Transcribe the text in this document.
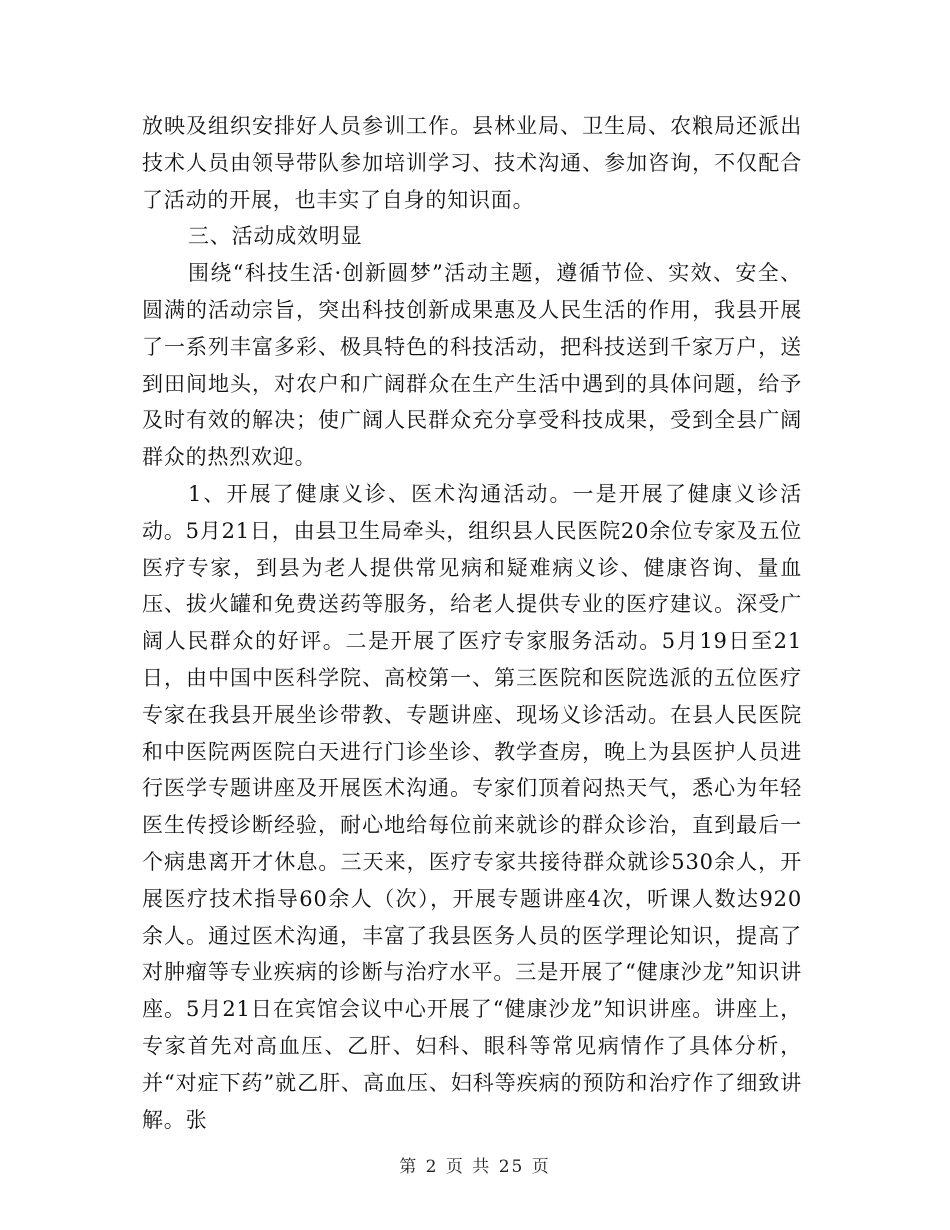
放映及组织安排好人员参训工作。县林业局、卫生局、农粮局还派出技术人员由领导带队参加培训学习、技术沟通、参加咨询，不仅配合了活动的开展，也丰实了自身的知识面。

三、活动成效明显

围绕“科技生活·创新圆梦”活动主题，遵循节俭、实效、安全、圆满的活动宗旨，突出科技创新成果惠及人民生活的作用，我县开展了一系列丰富多彩、极具特色的科技活动，把科技送到千家万户，送到田间地头，对农户和广阔群众在生产生活中遇到的具体问题，给予及时有效的解决；使广阔人民群众充分享受科技成果，受到全县广阔群众的热烈欢迎。

1、开展了健康义诊、医术沟通活动。一是开展了健康义诊活动。5月21日，由县卫生局牵头，组织县人民医院20余位专家及五位医疗专家，到县为老人提供常见病和疑难病义诊、健康咨询、量血压、拔火罐和免费送药等服务，给老人提供专业的医疗建议。深受广阔人民群众的好评。二是开展了医疗专家服务活动。5月19日至21日，由中国中医科学院、高校第一、第三医院和医院选派的五位医疗专家在我县开展坐诊带教、专题讲座、现场义诊活动。在县人民医院和中医院两医院白天进行门诊坐诊、教学查房，晚上为县医护人员进行医学专题讲座及开展医术沟通。专家们顶着闷热天气，悉心为年轻医生传授诊断经验，耐心地给每位前来就诊的群众诊治，直到最后一个病患离开才休息。三天来，医疗专家共接待群众就诊530余人，开展医疗技术指导60余人（次），开展专题讲座4次，听课人数达920余人。通过医术沟通，丰富了我县医务人员的医学理论知识，提高了对肿瘤等专业疾病的诊断与治疗水平。三是开展了“健康沙龙”知识讲座。5月21日在宾馆会议中心开展了“健康沙龙”知识讲座。讲座上，专家首先对高血压、乙肝、妇科、眼科等常见病情作了具体分析，并“对症下药”就乙肝、高血压、妇科等疾病的预防和治疗作了细致讲解。张

第 2 页 共 25 页
